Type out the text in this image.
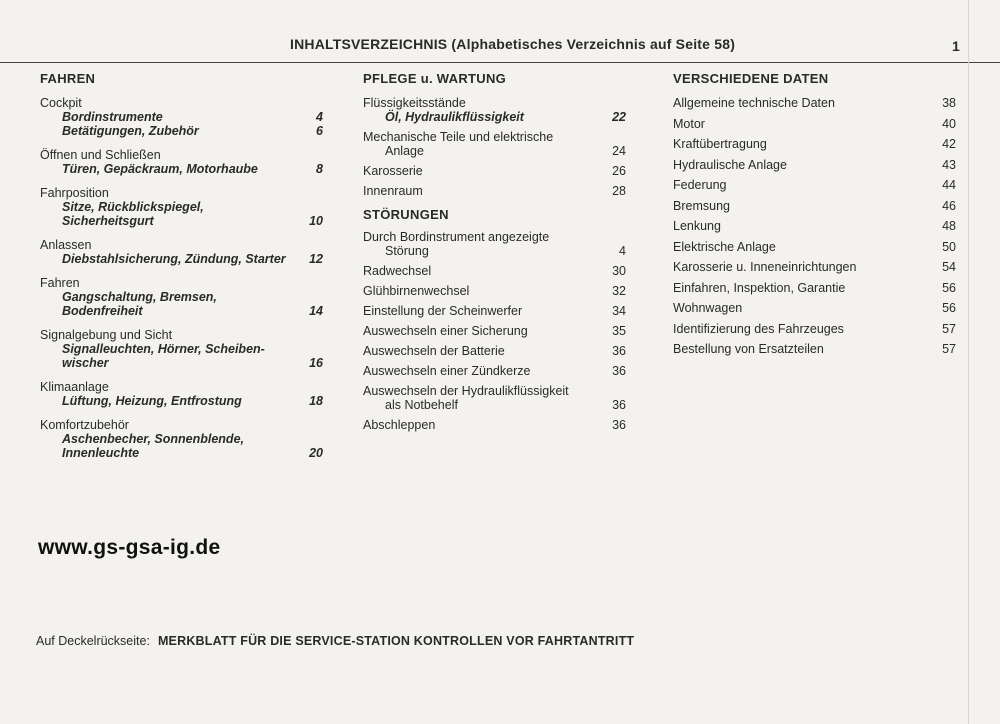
INHALTSVERZEICHNIS (Alphabetisches Verzeichnis auf Seite 58)	1
FAHREN
Cockpit
Bordinstrumente	4
Betätigungen, Zubehör	6
Öffnen und Schließen
Türen, Gepäckraum, Motorhaube	8
Fahrposition
Sitze, Rückblickspiegel, Sicherheitsgurt	10
Anlassen
Diebstahlsicherung, Zündung, Starter 12
Fahren
Gangschaltung, Bremsen, Bodenfreiheit	14
Signalgebung und Sicht
Signalleuchten, Hörner, Scheiben-
wischer	16
Klimaanlage
Lüftung, Heizung, Entfrostung	18
Komfortzubehör
Aschenbecher, Sonnenblende,
Innenleuchte	20
PFLEGE u. WARTUNG
Flüssigkeitsstände
Öl, Hydraulikflüssigkeit	22
Mechanische Teile und elektrische
Anlage	24
Karosserie	26
Innenraum	28
STÖRUNGEN
Durch Bordinstrument angezeigte
Störung	4
Radwechsel	30
Glühbirnenwechsel	32
Einstellung der Scheinwerfer	34
Auswechseln einer Sicherung	35
Auswechseln der Batterie	36
Auswechseln einer Zündkerze	36
Auswechseln der Hydraulikflüssigkeit
als Notbehelf	36
Abschleppen	36
VERSCHIEDENE DATEN
Allgemeine technische Daten	38
Motor	40
Kraftübertragung	42
Hydraulische Anlage	43
Federung	44
Bremsung	46
Lenkung	48
Elektrische Anlage	50
Karosserie u. Inneneinrichtungen	54
Einfahren, Inspektion, Garantie	56
Wohnwagen	56
Identifizierung des Fahrzeuges	57
Bestellung von Ersatzteilen	57
www.gs-gsa-ig.de
Auf Deckelrückseite: MERKBLATT FÜR DIE SERVICE-STATION KONTROLLEN VOR FAHRTANTRITT
